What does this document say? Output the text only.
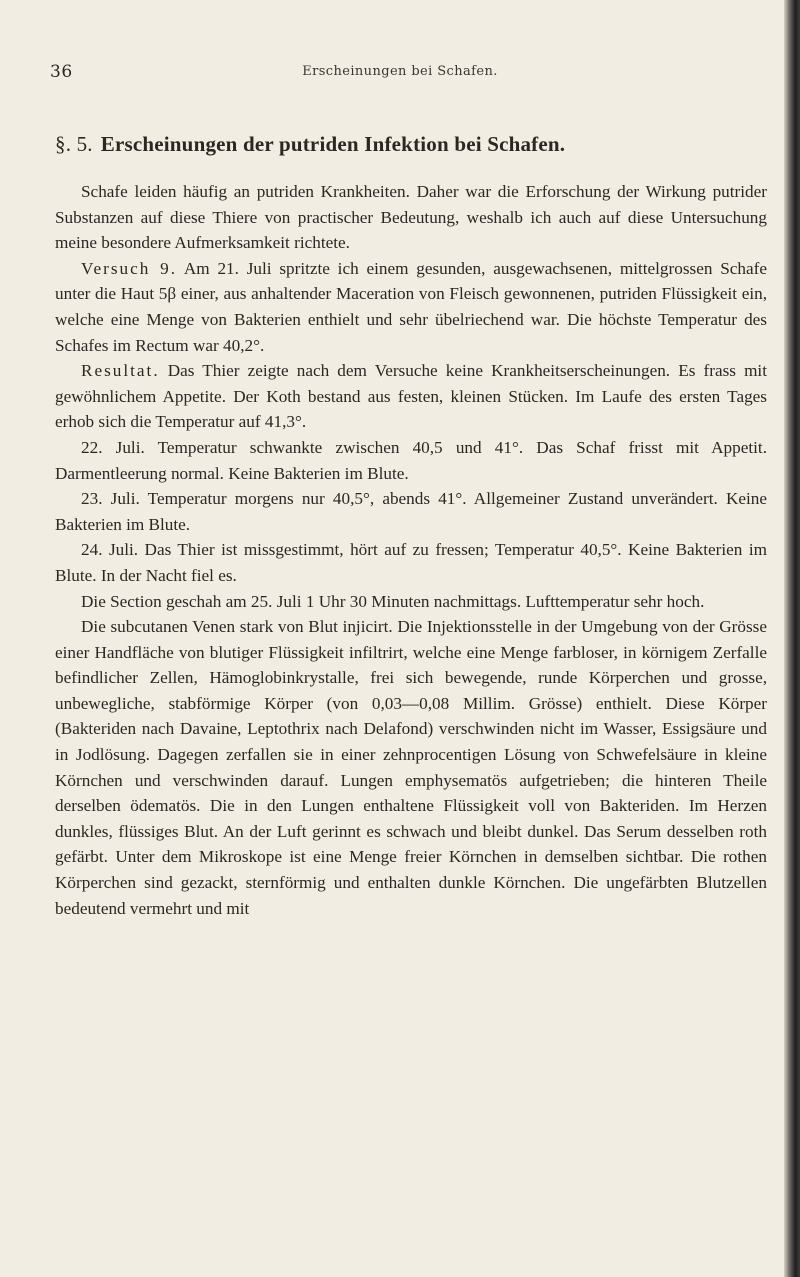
36	Erscheinungen bei Schafen.
§. 5. Erscheinungen der putriden Infektion bei Schafen.

Schafe leiden häufig an putriden Krankheiten. Daher war die Erforschung der Wirkung putrider Substanzen auf diese Thiere von practischer Bedeutung, weshalb ich auch auf diese Untersuchung meine besondere Aufmerksamkeit richtete.

Versuch 9. Am 21. Juli spritzte ich einem gesunden, ausgewachsenen, mittelgrossen Schafe unter die Haut 5β einer, aus anhaltender Maceration von Fleisch gewonnenen, putriden Flüssigkeit ein, welche eine Menge von Bakterien enthielt und sehr übelriechend war. Die höchste Temperatur des Schafes im Rectum war 40,2°.

Resultat. Das Thier zeigte nach dem Versuche keine Krankheitserscheinungen. Es frass mit gewöhnlichem Appetite. Der Koth bestand aus festen, kleinen Stücken. Im Laufe des ersten Tages erhob sich die Temperatur auf 41,3°.

22. Juli. Temperatur schwankte zwischen 40,5 und 41°. Das Schaf frisst mit Appetit. Darmentleerung normal. Keine Bakterien im Blute.

23. Juli. Temperatur morgens nur 40,5°, abends 41°. Allgemeiner Zustand unverändert. Keine Bakterien im Blute.

24. Juli. Das Thier ist missgestimmt, hört auf zu fressen; Temperatur 40,5°. Keine Bakterien im Blute. In der Nacht fiel es.

Die Section geschah am 25. Juli 1 Uhr 30 Minuten nachmittags. Lufttemperatur sehr hoch.

Die subcutanen Venen stark von Blut injicirt. Die Injektionsstelle in der Umgebung von der Grösse einer Handfläche von blutiger Flüssigkeit infiltrirt, welche eine Menge farbloser, in körnigem Zerfalle befindlicher Zellen, Hämoglobinkrystalle, frei sich bewegende, runde Körperchen und grosse, unbewegliche, stabförmige Körper (von 0,03—0,08 Millim. Grösse) enthielt. Diese Körper (Bakteriden nach Davaine, Leptothrix nach Delafond) verschwinden nicht im Wasser, Essigsäure und in Jodlösung. Dagegen zerfallen sie in einer zehnprocentigen Lösung von Schwefelsäure in kleine Körnchen und verschwinden darauf. Lungen emphysematös aufgetrieben; die hinteren Theile derselben ödematös. Die in den Lungen enthaltene Flüssigkeit voll von Bakteriden. Im Herzen dunkles, flüssiges Blut. An der Luft gerinnt es schwach und bleibt dunkel. Das Serum desselben roth gefärbt. Unter dem Mikroskope ist eine Menge freier Körnchen in demselben sichtbar. Die rothen Körperchen sind gezackt, sternförmig und enthalten dunkle Körnchen. Die ungefärbten Blutzellen bedeutend vermehrt und mit
